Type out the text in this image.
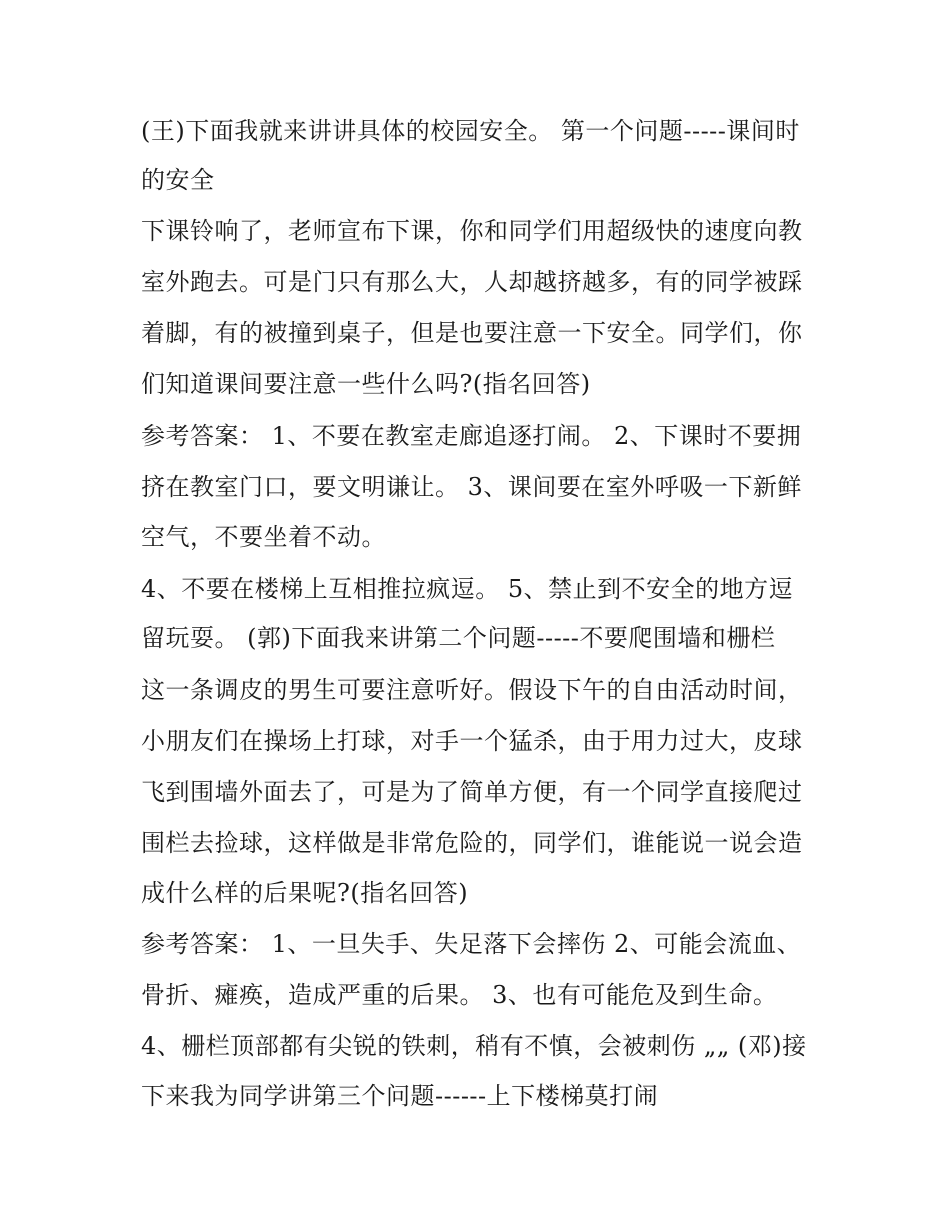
(王)下面我就来讲讲具体的校园安全。 第一个问题-----课间时
的安全
下课铃响了，老师宣布下课，你和同学们用超级快的速度向教
室外跑去。可是门只有那么大，人却越挤越多，有的同学被踩
着脚，有的被撞到桌子，但是也要注意一下安全。同学们，你
们知道课间要注意一些什么吗?(指名回答)
参考答案： 1、不要在教室走廊追逐打闹。 2、下课时不要拥
挤在教室门口，要文明谦让。 3、课间要在室外呼吸一下新鲜
空气，不要坐着不动。
4、不要在楼梯上互相推拉疯逗。 5、禁止到不安全的地方逗
留玩耍。 (郭)下面我来讲第二个问题-----不要爬围墙和栅栏
这一条调皮的男生可要注意听好。假设下午的自由活动时间，
小朋友们在操场上打球，对手一个猛杀，由于用力过大，皮球
飞到围墙外面去了，可是为了简单方便，有一个同学直接爬过
围栏去捡球，这样做是非常危险的，同学们，谁能说一说会造
成什么样的后果呢?(指名回答)
参考答案： 1、一旦失手、失足落下会摔伤 2、可能会流血、
骨折、瘫痪，造成严重的后果。 3、也有可能危及到生命。
4、栅栏顶部都有尖锐的铁刺，稍有不慎，会被刺伤 „„ (邓)接
下来我为同学讲第三个问题------上下楼梯莫打闹
